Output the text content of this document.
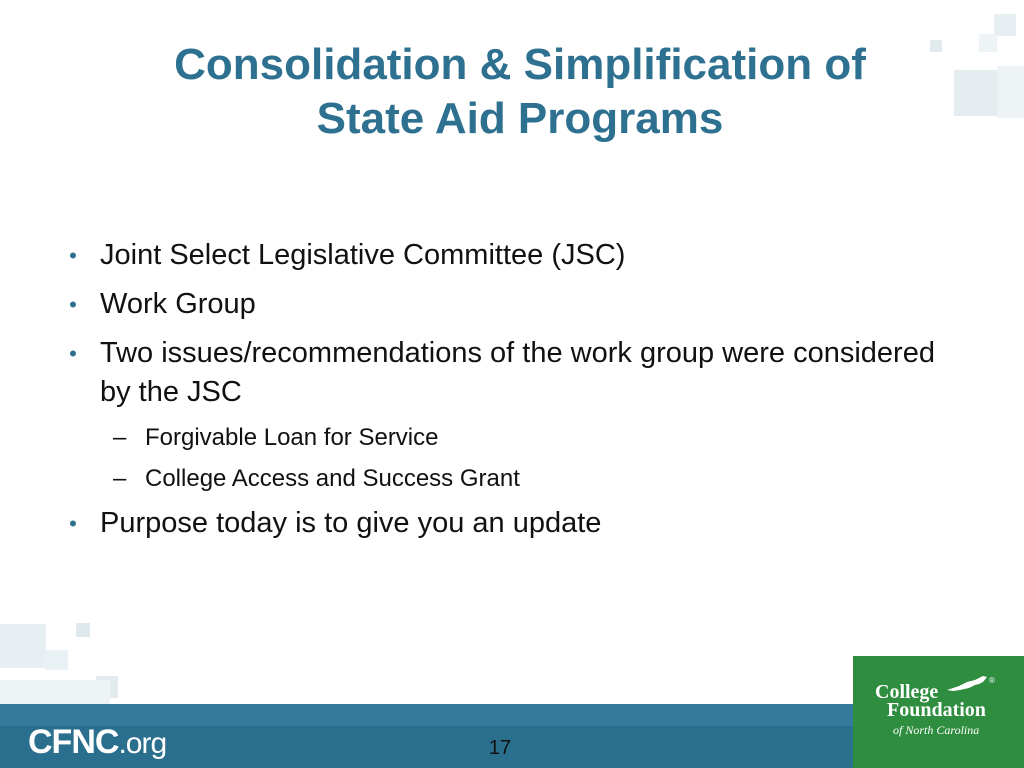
Consolidation & Simplification of
State Aid Programs
• Joint Select Legislative Committee (JSC)
• Work Group
• Two issues/recommendations of the work group were considered by the JSC
– Forgivable Loan for Service
– College Access and Success Grant
• Purpose today is to give you an update
CFNC.org	17
®
College
Foundation
of North Carolina
